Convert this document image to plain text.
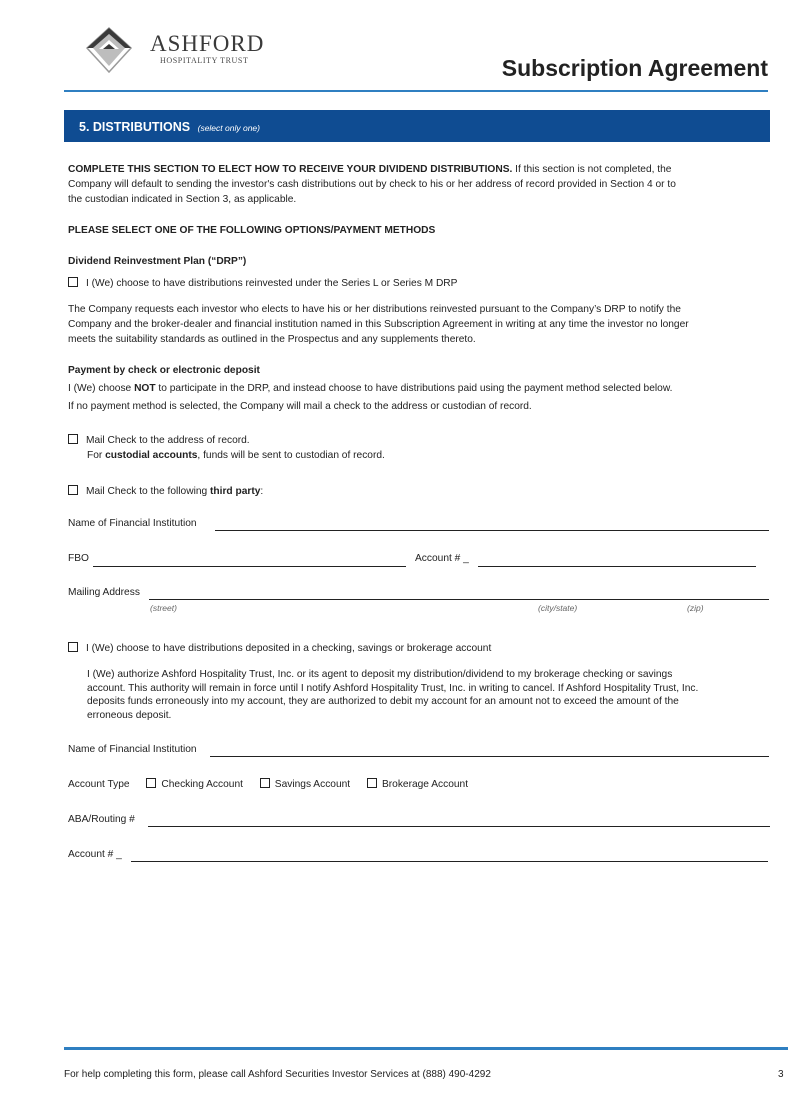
ASHFORD
HOSPITALITY TRUST	Subscription Agreement
5. DISTRIBUTIONS (select only one)
COMPLETE THIS SECTION TO ELECT HOW TO RECEIVE YOUR DIVIDEND DISTRIBUTIONS. If this section is not completed, the
Company will default to sending the investor's cash distributions out by check to his or her address of record provided in Section 4 or to
the custodian indicated in Section 3, as applicable.
PLEASE SELECT ONE OF THE FOLLOWING OPTIONS/PAYMENT METHODS
Dividend Reinvestment Plan (“DRP”)
I (We) choose to have distributions reinvested under the Series L or Series M DRP
The Company requests each investor who elects to have his or her distributions reinvested pursuant to the Company’s DRP to notify the
Company and the broker-dealer and financial institution named in this Subscription Agreement in writing at any time the investor no longer
meets the suitability standards as outlined in the Prospectus and any supplements thereto.
Payment by check or electronic deposit
I (We) choose NOT to participate in the DRP, and instead choose to have distributions paid using the payment method selected below.
If no payment method is selected, the Company will mail a check to the address or custodian of record.
Mail Check to the address of record.
For custodial accounts, funds will be sent to custodian of record.
Mail Check to the following third party:
Name of Financial Institution
FBO	Account # _
Mailing Address
(street)	(city/state)	(zip)
I (We) choose to have distributions deposited in a checking, savings or brokerage account
I (We) authorize Ashford Hospitality Trust, Inc. or its agent to deposit my distribution/dividend to my brokerage checking or savings
account. This authority will remain in force until I notify Ashford Hospitality Trust, Inc. in writing to cancel. If Ashford Hospitality Trust, Inc.
deposits funds erroneously into my account, they are authorized to debit my account for an amount not to exceed the amount of the
erroneous deposit.
Name of Financial Institution
Account Type	Checking Account	Savings Account	Brokerage Account
ABA/Routing #
Account # _
For help completing this form, please call Ashford Securities Investor Services at (888) 490-4292	3
